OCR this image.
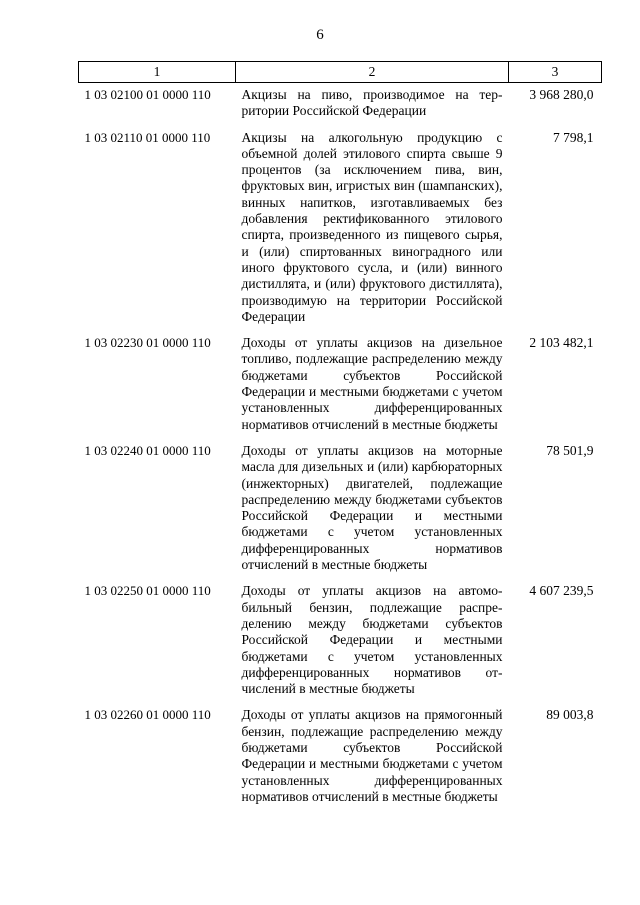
6
1	2	3

1 03 02100 01 0000 110	Акцизы на пиво, производимое на территории Российской Федерации	3 968 280,0
1 03 02110 01 0000 110	Акцизы на алкогольную продукцию с объемной долей этилового спирта свыше 9 процентов (за исключением пива, вин, фруктовых вин, игристых вин (шампанских), винных напитков, изготавливаемых без добавления ректификованного этилового спирта, произведенного из пищевого сырья, и (или) спиртованных виноградного или иного фруктового сусла, и (или) винного дистиллята, и (или) фруктового дистиллята), производимую на территории Российской Федерации	7 798,1
1 03 02230 01 0000 110	Доходы от уплаты акцизов на дизельное топливо, подлежащие распределению между бюджетами субъектов Российской Федерации и местными бюджетами с учетом установленных дифференцированных нормативов отчислений в местные бюджеты	2 103 482,1
1 03 02240 01 0000 110	Доходы от уплаты акцизов на моторные масла для дизельных и (или) карбюраторных (инжекторных) двигателей, подлежащие распределению между бюджетами субъектов Российской Федерации и местными бюджетами с учетом установленных дифференцированных нормативов отчислений в местные бюджеты	78 501,9
1 03 02250 01 0000 110	Доходы от уплаты акцизов на автомобильный бензин, подлежащие распределению между бюджетами субъектов Российской Федерации и местными бюджетами с учетом установленных дифференцированных нормативов отчислений в местные бюджеты	4 607 239,5
1 03 02260 01 0000 110	Доходы от уплаты акцизов на прямогонный бензин, подлежащие распределению между бюджетами субъектов Российской Федерации и местными бюджетами с учетом установленных дифференцированных нормативов отчислений в местные бюджеты	89 003,8
